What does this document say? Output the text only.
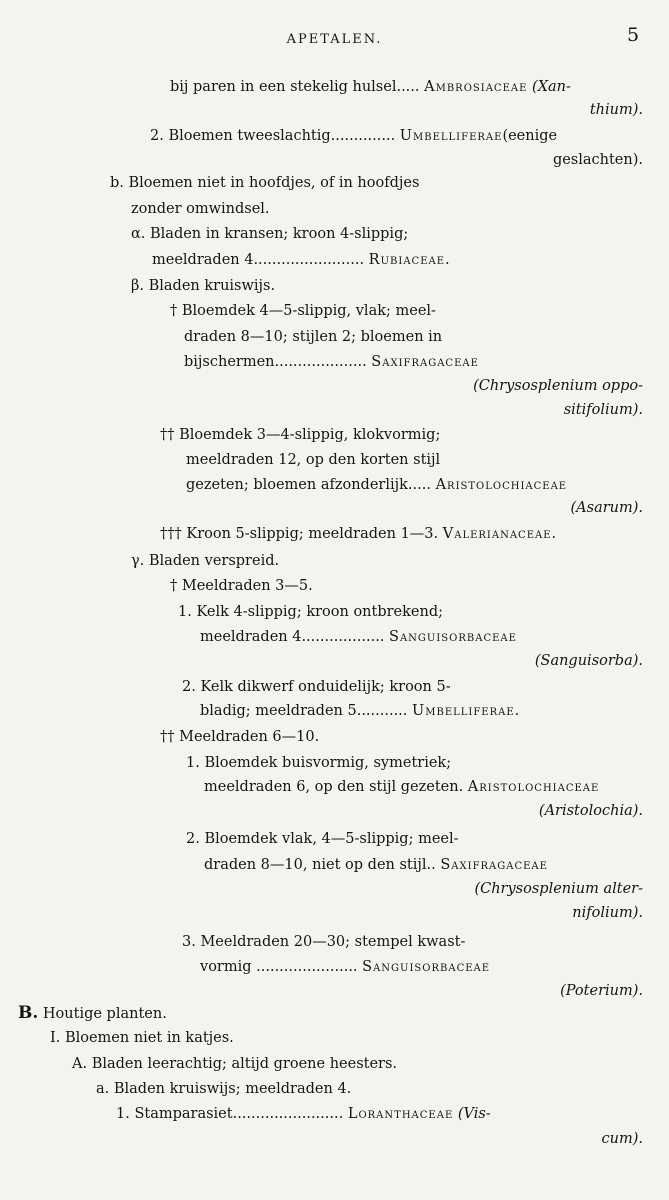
APETALEN.	5
bij paren in een stekelig hulsel..... Ambrosiaceae (Xan-
thium).
2. Bloemen tweeslachtig.............. Umbelliferae(eenige
geslachten).
b. Bloemen niet in hoofdjes, of in hoofdjes
zonder omwindsel.
α. Bladen in kransen; kroon 4-slippig;
meeldraden 4........................ Rubiaceae.
β. Bladen kruiswijs.
† Bloemdek 4—5-slippig, vlak; meel-
draden 8—10; stijlen 2; bloemen in
bijschermen.................... Saxifragaceae
(Chrysosplenium oppo-
sitifolium).
†† Bloemdek 3—4-slippig, klokvormig;
meeldraden 12, op den korten stijl
gezeten; bloemen afzonderlijk..... Aristolochiaceae
(Asarum).
††† Kroon 5-slippig; meeldraden 1—3. Valerianaceae.
γ. Bladen verspreid.
† Meeldraden 3—5.
1. Kelk 4-slippig; kroon ontbrekend;
meeldraden 4.................. Sanguisorbaceae
(Sanguisorba).
2. Kelk dikwerf onduidelijk; kroon 5-
bladig; meeldraden 5........... Umbelliferae.
†† Meeldraden 6—10.
1. Bloemdek buisvormig, symetriek;
meeldraden 6, op den stijl gezeten. Aristolochiaceae
(Aristolochia).
2. Bloemdek vlak, 4—5-slippig; meel-
draden 8—10, niet op den stijl.. Saxifragaceae
(Chrysosplenium alter-
nifolium).
3. Meeldraden 20—30; stempel kwast-
vormig ...................... Sanguisorbaceae
(Poterium).
B. Houtige planten.
I. Bloemen niet in katjes.
A. Bladen leerachtig; altijd groene heesters.
a. Bladen kruiswijs; meeldraden 4.
1. Stamparasiet........................ Loranthaceae (Vis-
cum).
